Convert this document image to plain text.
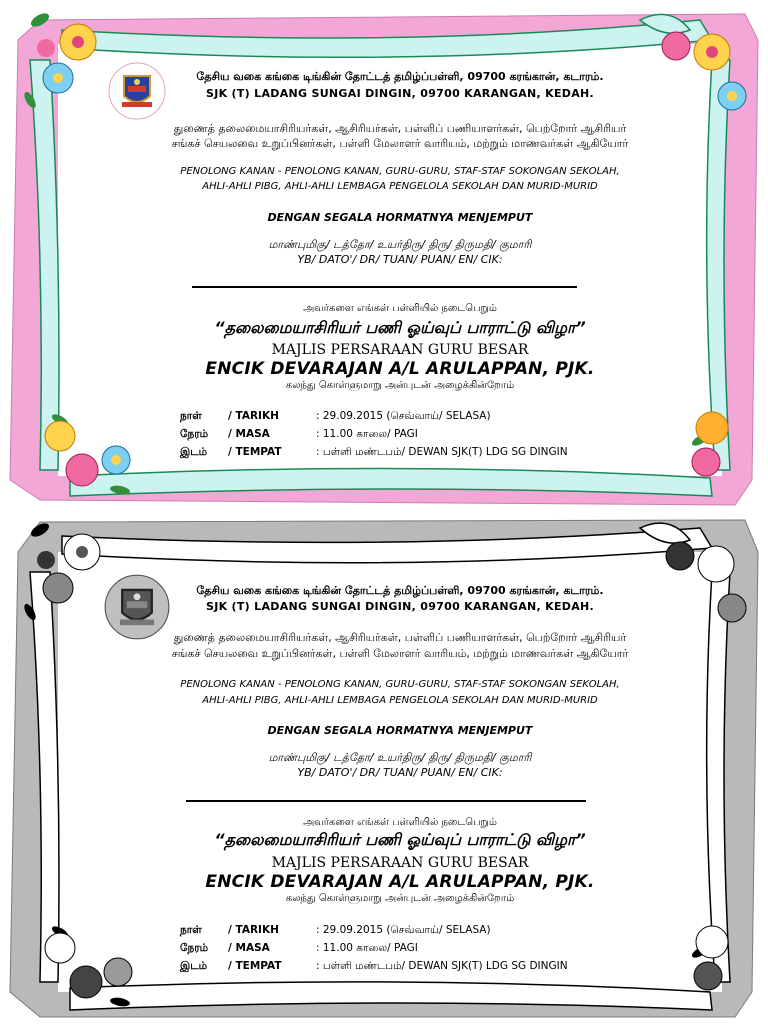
தேசிய வகை கங்கை டிங்கின் தோட்டத் தமிழ்ப்பள்ளி, 09700 கரங்கான், கடாரம்.
SJK (T) LADANG SUNGAI DINGIN, 09700 KARANGAN, KEDAH.
துணைத் தலைமையாசிரியர்கள், ஆசிரியர்கள், பள்ளிப் பணியாளர்கள், பெற்றோர் ஆசிரியர்
சங்கச் செயலவை உறுப்பினர்கள், பள்ளி மேலாளர் வாரியம், மற்றும் மாணவர்கள் ஆகியோர்
PENOLONG KANAN - PENOLONG KANAN, GURU-GURU, STAF-STAF SOKONGAN SEKOLAH,
AHLI-AHLI PIBG, AHLI-AHLI LEMBAGA PENGELOLA SEKOLAH DAN MURID-MURID
DENGAN SEGALA HORMATNYA MENJEMPUT
மாண்புமிகு/ டத்தோ/ உயர்திரு/ திரு/ திருமதி/ குமாரி
YB/ DATO'/ DR/ TUAN/ PUAN/ EN/ CIK:
அவர்களை எங்கள் பள்ளியில் நடைபெறும்
“தலைமையாசிரியர் பணி ஓய்வுப் பாராட்டு விழா”
MAJLIS PERSARAAN GURU BESAR
ENCIK DEVARAJAN A/L ARULAPPAN, PJK.
கலந்து கொள்ளுமாறு அன்புடன் அழைக்கின்றோம்
நாள்	/ TARIKH	: 29.09.2015 (செவ்வாய்/ SELASA)
நேரம்	/ MASA	: 11.00 காலை/ PAGI
இடம்	/ TEMPAT	: பள்ளி மண்டபம்/ DEWAN SJK(T) LDG SG DINGIN
தேசிய வகை கங்கை டிங்கின் தோட்டத் தமிழ்ப்பள்ளி, 09700 கரங்கான், கடாரம்.
SJK (T) LADANG SUNGAI DINGIN, 09700 KARANGAN, KEDAH.
துணைத் தலைமையாசிரியர்கள், ஆசிரியர்கள், பள்ளிப் பணியாளர்கள், பெற்றோர் ஆசிரியர்
சங்கச் செயலவை உறுப்பினர்கள், பள்ளி மேலாளர் வாரியம், மற்றும் மாணவர்கள் ஆகியோர்
PENOLONG KANAN - PENOLONG KANAN, GURU-GURU, STAF-STAF SOKONGAN SEKOLAH,
AHLI-AHLI PIBG, AHLI-AHLI LEMBAGA PENGELOLA SEKOLAH DAN MURID-MURID
DENGAN SEGALA HORMATNYA MENJEMPUT
மாண்புமிகு/ டத்தோ/ உயர்திரு/ திரு/ திருமதி/ குமாரி
YB/ DATO'/ DR/ TUAN/ PUAN/ EN/ CIK:
அவர்களை எங்கள் பள்ளியில் நடைபெறும்
“தலைமையாசிரியர் பணி ஓய்வுப் பாராட்டு விழா”
MAJLIS PERSARAAN GURU BESAR
ENCIK DEVARAJAN A/L ARULAPPAN, PJK.
கலந்து கொள்ளுமாறு அன்புடன் அழைக்கின்றோம்
நாள்	/ TARIKH	: 29.09.2015 (செவ்வாய்/ SELASA)
நேரம்	/ MASA	: 11.00 காலை/ PAGI
இடம்	/ TEMPAT	: பள்ளி மண்டபம்/ DEWAN SJK(T) LDG SG DINGIN
